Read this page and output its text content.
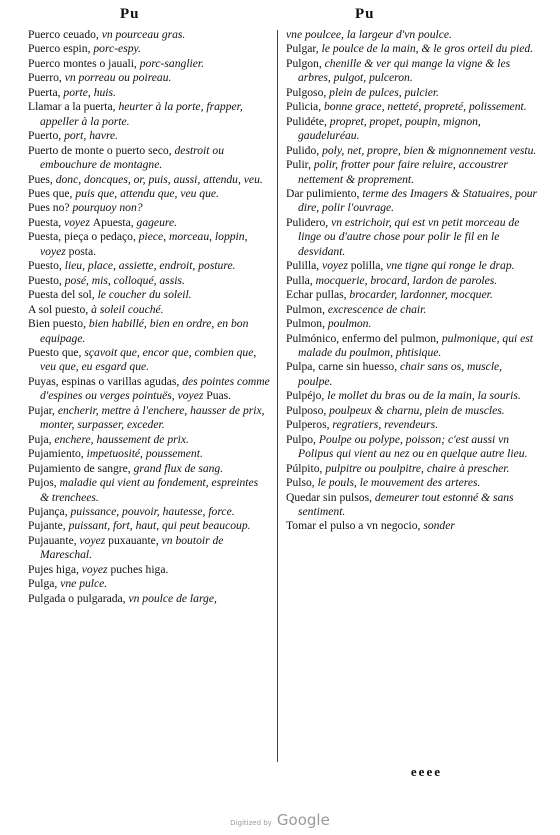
Pu	Pu

Puerco ceuado, vn pourceau gras.

Puerco espin, porc-espy.

Puerco montes o jauali, porc-sanglier.

Puerro, vn porreau ou poireau.

Puerta, porte, huis.

Llamar a la puerta, heurter à la porte, frapper, appeller à la porte.

Puerto, port, havre.

Puerto de monte o puerto seco, destroit ou embouchure de montagne.

Pues, donc, doncques, or, puis, aussi, attendu, veu.

Pues que, puis que, attendu que, veu que.

Pues no? pourquoy non?

Puesta, voyez Apuesta, gageure.

Puesta, pieça o pedaço, piece, morceau, loppin, voyez posta.

Puesto, lieu, place, assiette, endroit, posture.

Puesto, posé, mis, colloqué, assis.

Puesta del sol, le coucher du soleil.

A sol puesto, à soleil couché.

Bien puesto, bien habillé, bien en ordre, en bon equipage.

Puesto que, sçavoit que, encor que, combien que, veu que, eu esgard que.

Puyas, espinas o varillas agudas, des pointes comme d'espines ou verges pointuës, voyez Puas.

Pujar, encherir, mettre à l'enchere, hausser de prix, monter, surpasser, exceder.

Puja, enchere, haussement de prix.

Pujamiento, impetuosité, poussement.

Pujamiento de sangre, grand flux de sang.

Pujos, maladie qui vient au fondement, espreintes & trenchees.

Pujança, puissance, pouvoir, hautesse, force.

Pujante, puissant, fort, haut, qui peut beaucoup.

Pujauante, voyez puxauante, vn boutoir de Mareschal.

Pujes higa, voyez puches higa.

Pulga, vne pulce.

Pulgada o pulgarada, vn poulce de large,

vne poulcee, la largeur d'vn poulce.

Pulgar, le poulce de la main, & le gros orteil du pied.

Pulgon, chenille & ver qui mange la vigne & les arbres, pulgot, pulceron.

Pulgoso, plein de pulces, pulcier.

Pulicia, bonne grace, netteté, propreté, polissement.

Pulidéte, propret, propet, poupin, mignon, gaudeluréau.

Pulido, poly, net, propre, bien & mignonnement vestu.

Pulir, polir, frotter pour faire reluire, accoustrer nettement & proprement.

Dar pulimiento, terme des Imagers & Statuaires, pour dire, polir l'ouvrage.

Pulidero, vn estrichoir, qui est vn petit morceau de linge ou d'autre chose pour polir le fil en le desvidant.

Pulilla, voyez polilla, vne tigne qui ronge le drap.

Pulla, mocquerie, brocard, lardon de paroles.

Echar pullas, brocarder, lardonner, mocquer.

Pulmon, excrescence de chair.

Pulmon, poulmon.

Pulmónico, enfermo del pulmon, pulmonique, qui est malade du poulmon, phtisique.

Pulpa, carne sin huesso, chair sans os, muscle, poulpe.

Pulpéjo, le mollet du bras ou de la main, la souris.

Pulposo, poulpeux & charnu, plein de muscles.

Pulperos, regratiers, revendeurs.

Pulpo, Poulpe ou polype, poisson; c'est aussi vn Polipus qui vient au nez ou en quelque autre lieu.

Púlpito, pulpitre ou poulpitre, chaire à prescher.

Pulso, le pouls, le mouvement des arteres.

Quedar sin pulsos, demeurer tout estonné & sans sentiment.

Tomar el pulso a vn negocio, sonder

eeee
Digitized by Google
